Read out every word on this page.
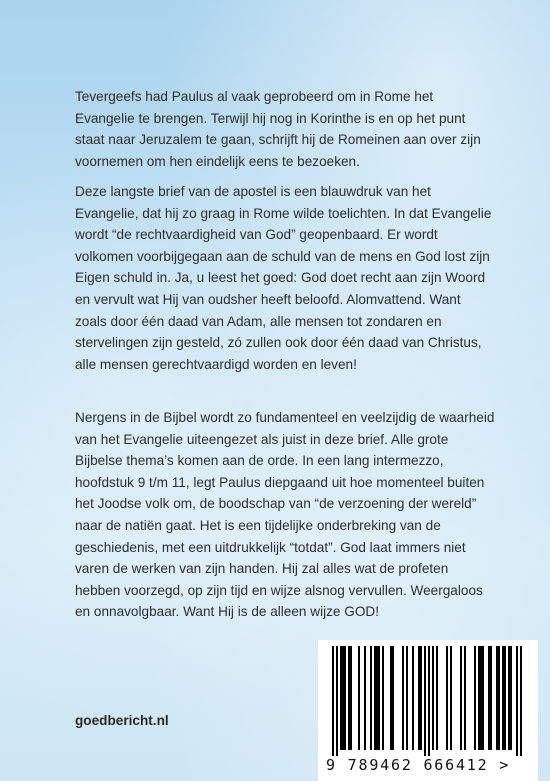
Tevergeefs had Paulus al vaak geprobeerd om in Rome het Evangelie te brengen. Terwijl hij nog in Korinthe is en op het punt staat naar Jeruzalem te gaan, schrijft hij de Romeinen aan over zijn voornemen om hen eindelijk eens te bezoeken.

Deze langste brief van de apostel is een blauwdruk van het Evangelie, dat hij zo graag in Rome wilde toelichten. In dat Evangelie wordt “de rechtvaardigheid van God” geopenbaard. Er wordt volkomen voorbijgegaan aan de schuld van de mens en God lost zijn Eigen schuld in. Ja, u leest het goed: God doet recht aan zijn Woord en vervult wat Hij van oudsher heeft beloofd. Alomvattend. Want zoals door één daad van Adam, alle mensen tot zondaren en stervelingen zijn gesteld, zó zullen ook door één daad van Christus, alle mensen gerechtvaardigd worden en leven!

Nergens in de Bijbel wordt zo fundamenteel en veelzijdig de waarheid van het Evangelie uiteengezet als juist in deze brief. Alle grote Bijbelse thema’s komen aan de orde. In een lang intermezzo, hoofdstuk 9 t/m 11, legt Paulus diepgaand uit hoe momenteel buiten het Joodse volk om, de boodschap van “de verzoening der wereld” naar de natiën gaat. Het is een tijdelijke onderbreking van de geschiedenis, met een uitdrukkelijk “totdat”. God laat immers niet varen de werken van zijn handen. Hij zal alles wat de profeten hebben voorzegd, op zijn tijd en wijze alsnog vervullen. Weergaloos en onnavolgbaar. Want Hij is de alleen wijze GOD!

goedbericht.nl
9 789462 666412 >
